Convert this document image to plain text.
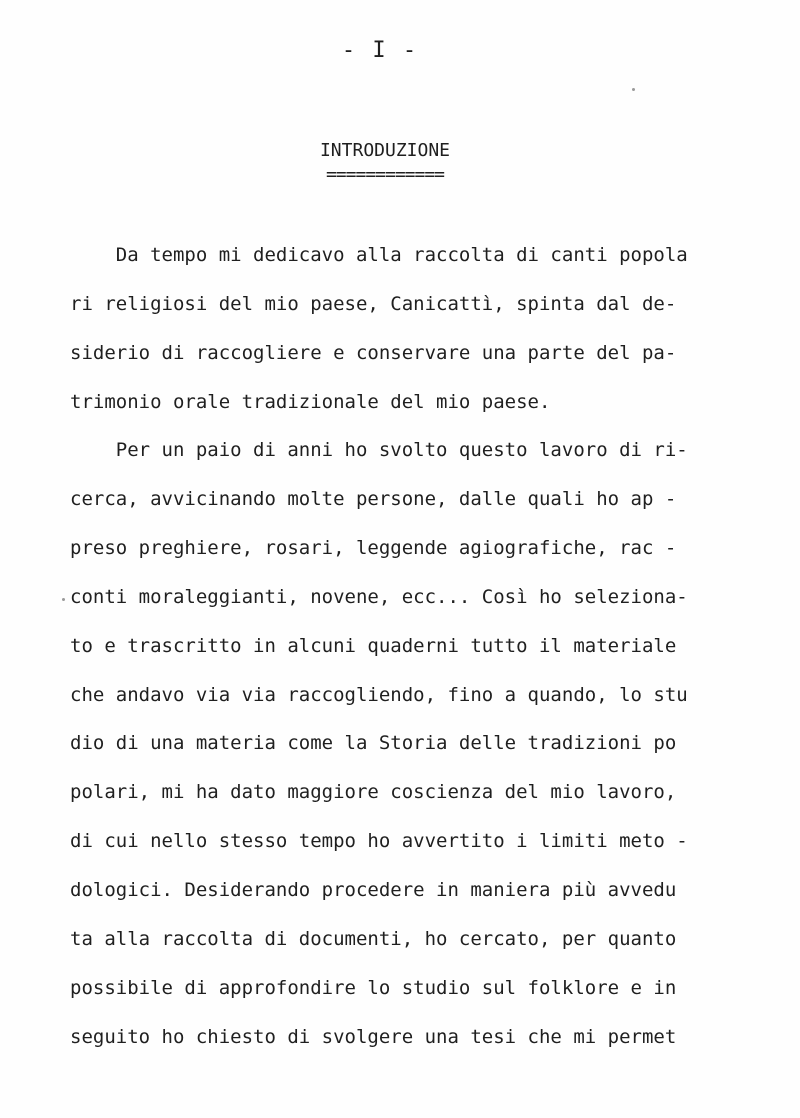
- I -
INTRODUZIONE
============
Da tempo mi dedicavo alla raccolta di canti popola
ri religiosi del mio paese, Canicattì, spinta dal de-
siderio di raccogliere e conservare una parte del pa-
trimonio orale tradizionale del mio paese.
Per un paio di anni ho svolto questo lavoro di ri-
cerca, avvicinando molte persone, dalle quali ho ap -
preso preghiere, rosari, leggende agiografiche, rac -
conti moraleggianti, novene, ecc... Così ho seleziona-
to e trascritto in alcuni quaderni tutto il materiale
che andavo via via raccogliendo, fino a quando, lo stu
dio di una materia come la Storia delle tradizioni po
polari, mi ha dato maggiore coscienza del mio lavoro,
di cui nello stesso tempo ho avvertito i limiti meto -
dologici. Desiderando procedere in maniera più avvedu
ta alla raccolta di documenti, ho cercato, per quanto
possibile di approfondire lo studio sul folklore e in
seguito ho chiesto di svolgere una tesi che mi permet
